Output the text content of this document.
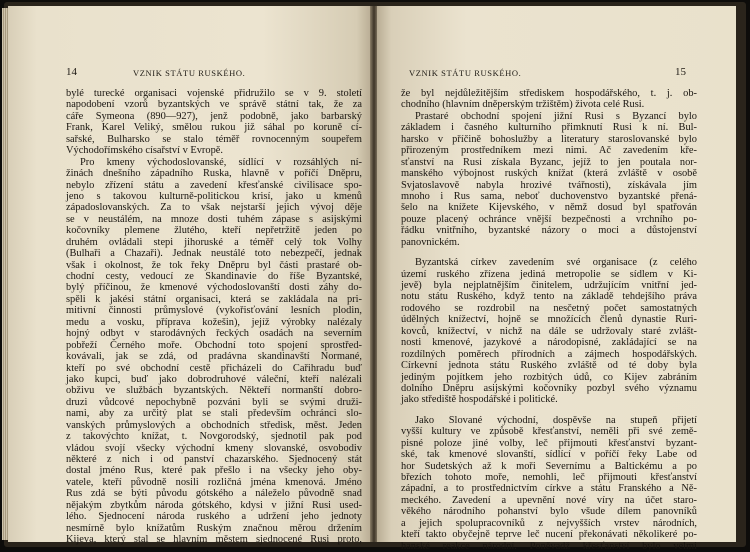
14	VZNIK STÁTU RUSKÉHO.
bylé turecké organisaci vojenské přidružilo se v 9. století
napodobení vzorů byzantských ve správě státní tak, že za
cáře Symeona (890—927), jenž podobně, jako barbarský
Frank, Karel Veliký, smělou rukou již sáhal po koruně cí-
sařské, Bulharsko se stalo téměř rovnocenným soupeřem
Východořímského císařství v Evropě.
Pro kmeny východoslovanské, sídlící v rozsáhlých ní-
žinách dnešního západního Ruska, hlavně v poříčí Dněpru,
nebylo zřízení státu a zavedení křesťanské civilisace spo-
jeno s takovou kulturně-politickou krisí, jako u kmenů
západoslovanských. Za to však nejstarší jejich vývoj děje
se v neustálém, na mnoze dosti tuhém zápase s asijskými
kočovníky plemene žlutého, kteří nepřetržitě jeden po
druhém ovládali stepi jihoruské a téměř celý tok Volhy
(Bulhaři a Chazaři). Jednak neustálé toto nebezpečí, jednak
však i okolnost, že tok řeky Dněpru byl části prastaré ob-
chodní cesty, vedoucí ze Skandinavie do říše Byzantské,
bylý příčinou, že kmenové východoslovanští dosti záhy do-
spěli k jakési státní organisaci, která se zakládala na pri-
mitivní činnosti průmyslové (vykořisťování lesních plodin,
medu a vosku, příprava kožešin), jejíž výrobky nalézaly
hojný odbyt v starodávných řeckých osadách na severním
pobřeží Černého moře. Obchodní toto spojení sprostřed-
kovávali, jak se zdá, od pradávna skandinavští Normané,
kteří po své obchodní cestě přicházeli do Cařihradu buď
jako kupci, buď jako dobrodruhové váleční, kteří nalézali
obživu ve službách byzantských. Někteří normanští dobro-
druzi vůdcové nepochybně pozváni byli se svými druži-
nami, aby za určitý plat se stali především ochránci slo-
vanských průmyslových a obchodních středisk, měst. Jeden
z takovýchto knížat, t. Novgorodský, sjednotil pak pod
vládou svojí všecky východní kmeny slovanské, osvobodiv
některé z nich i od panství chazarského. Sjednocený stát
dostal jméno Rus, které pak přešlo i na všecky jeho oby-
vatele, kteří původně nosili rozličná jména kmenová. Jméno
Rus zdá se býti původu gótského a náleželo původně snad
nějakým zbytkům národa gótského, kdysi v jižní Rusi used-
lého. Sjednocení národa ruského a udržení jeho jednoty
nesmírně bylo knížatům Ruským značnou měrou držením
Kijeva, který stal se hlavním městem sjednocené Rusi proto,
VZNIK STÁTU RUSKÉHO.	15
že byl nejdůležitějším střediskem hospodářského, t. j. ob-
chodního (hlavním dněperským tržištěm) života celé Rusi.
Prastaré obchodní spojení jižní Rusi s Byzancí bylo
základem i časného kulturního přimknutí Rusi k ní. Bul-
harsko v příčině bohoslužby a literatury staroslovanské bylo
přirozeným prostředníkem mezi nimi. Ač zavedením kře-
sťanství na Rusi získala Byzanc, jejíž to jen poutala nor-
manského výbojnost ruských knížat (která zvláště v osobě
Svjatoslavově nabyla hrozivé tvářnosti), získávala jím
mnoho i Rus sama, neboť duchovenstvo byzantské přená-
šelo na knížete Kijevského, v němž dosud byl spatřován
pouze placený ochránce vnější bezpečnosti a vrchního po-
řádku vnitřního, byzantské názory o moci a důstojenství
panovnickém.
Byzantská církev zavedením své organisace (z celého
území ruského zřízena jediná metropolie se sídlem v Ki-
jevě) byla nejplatnějším činitelem, udržujícím vnitřní jed-
notu státu Ruského, když tento na základě tehdejšího práva
rodového se rozdrobil na nesčetný počet samostatných
údělných knížectví, hojně se množících členů dynastie Ruri-
kovců, knížectví, v nichž na dále se udržovaly staré zvlášt-
nosti kmenové, jazykové a národopisné, zakládající se na
rozdílných poměrech přírodních a zájmech hospodářských.
Církevní jednota státu Ruského zvláště od té doby byla
jediným pojítkem jeho rozbitých údů, co Kijev zabráním
dolního Dněpru asijskými kočovníky pozbyl svého významu
jako střediště hospodářské i politické.
Jako Slované východní, dospěvše na stupeň přijetí
vyšší kultury ve způsobě křesťanství, neměli při své země-
pisné poloze jiné volby, leč přijmouti křesťanství byzant-
ské, tak kmenové slovanští, sídlící v poříčí řeky Labe od
hor Sudetských až k moři Severnímu a Baltickému a po
březích tohoto moře, nemohli, leč přijmouti křesťanství
západní, a to prostřednictvím církve a státu Franského a Ně-
meckého. Zavedení a upevnění nové víry na účet staro-
věkého národního pohanství bylo všude dílem panovníků
a jejich spolupracovníků z nejvyšších vrstev národních,
kteří takto obyčejně teprve leč nucení překonávati několikeré po-
hanské reakce národní. Poněvadž křesťanství bylo velmi
